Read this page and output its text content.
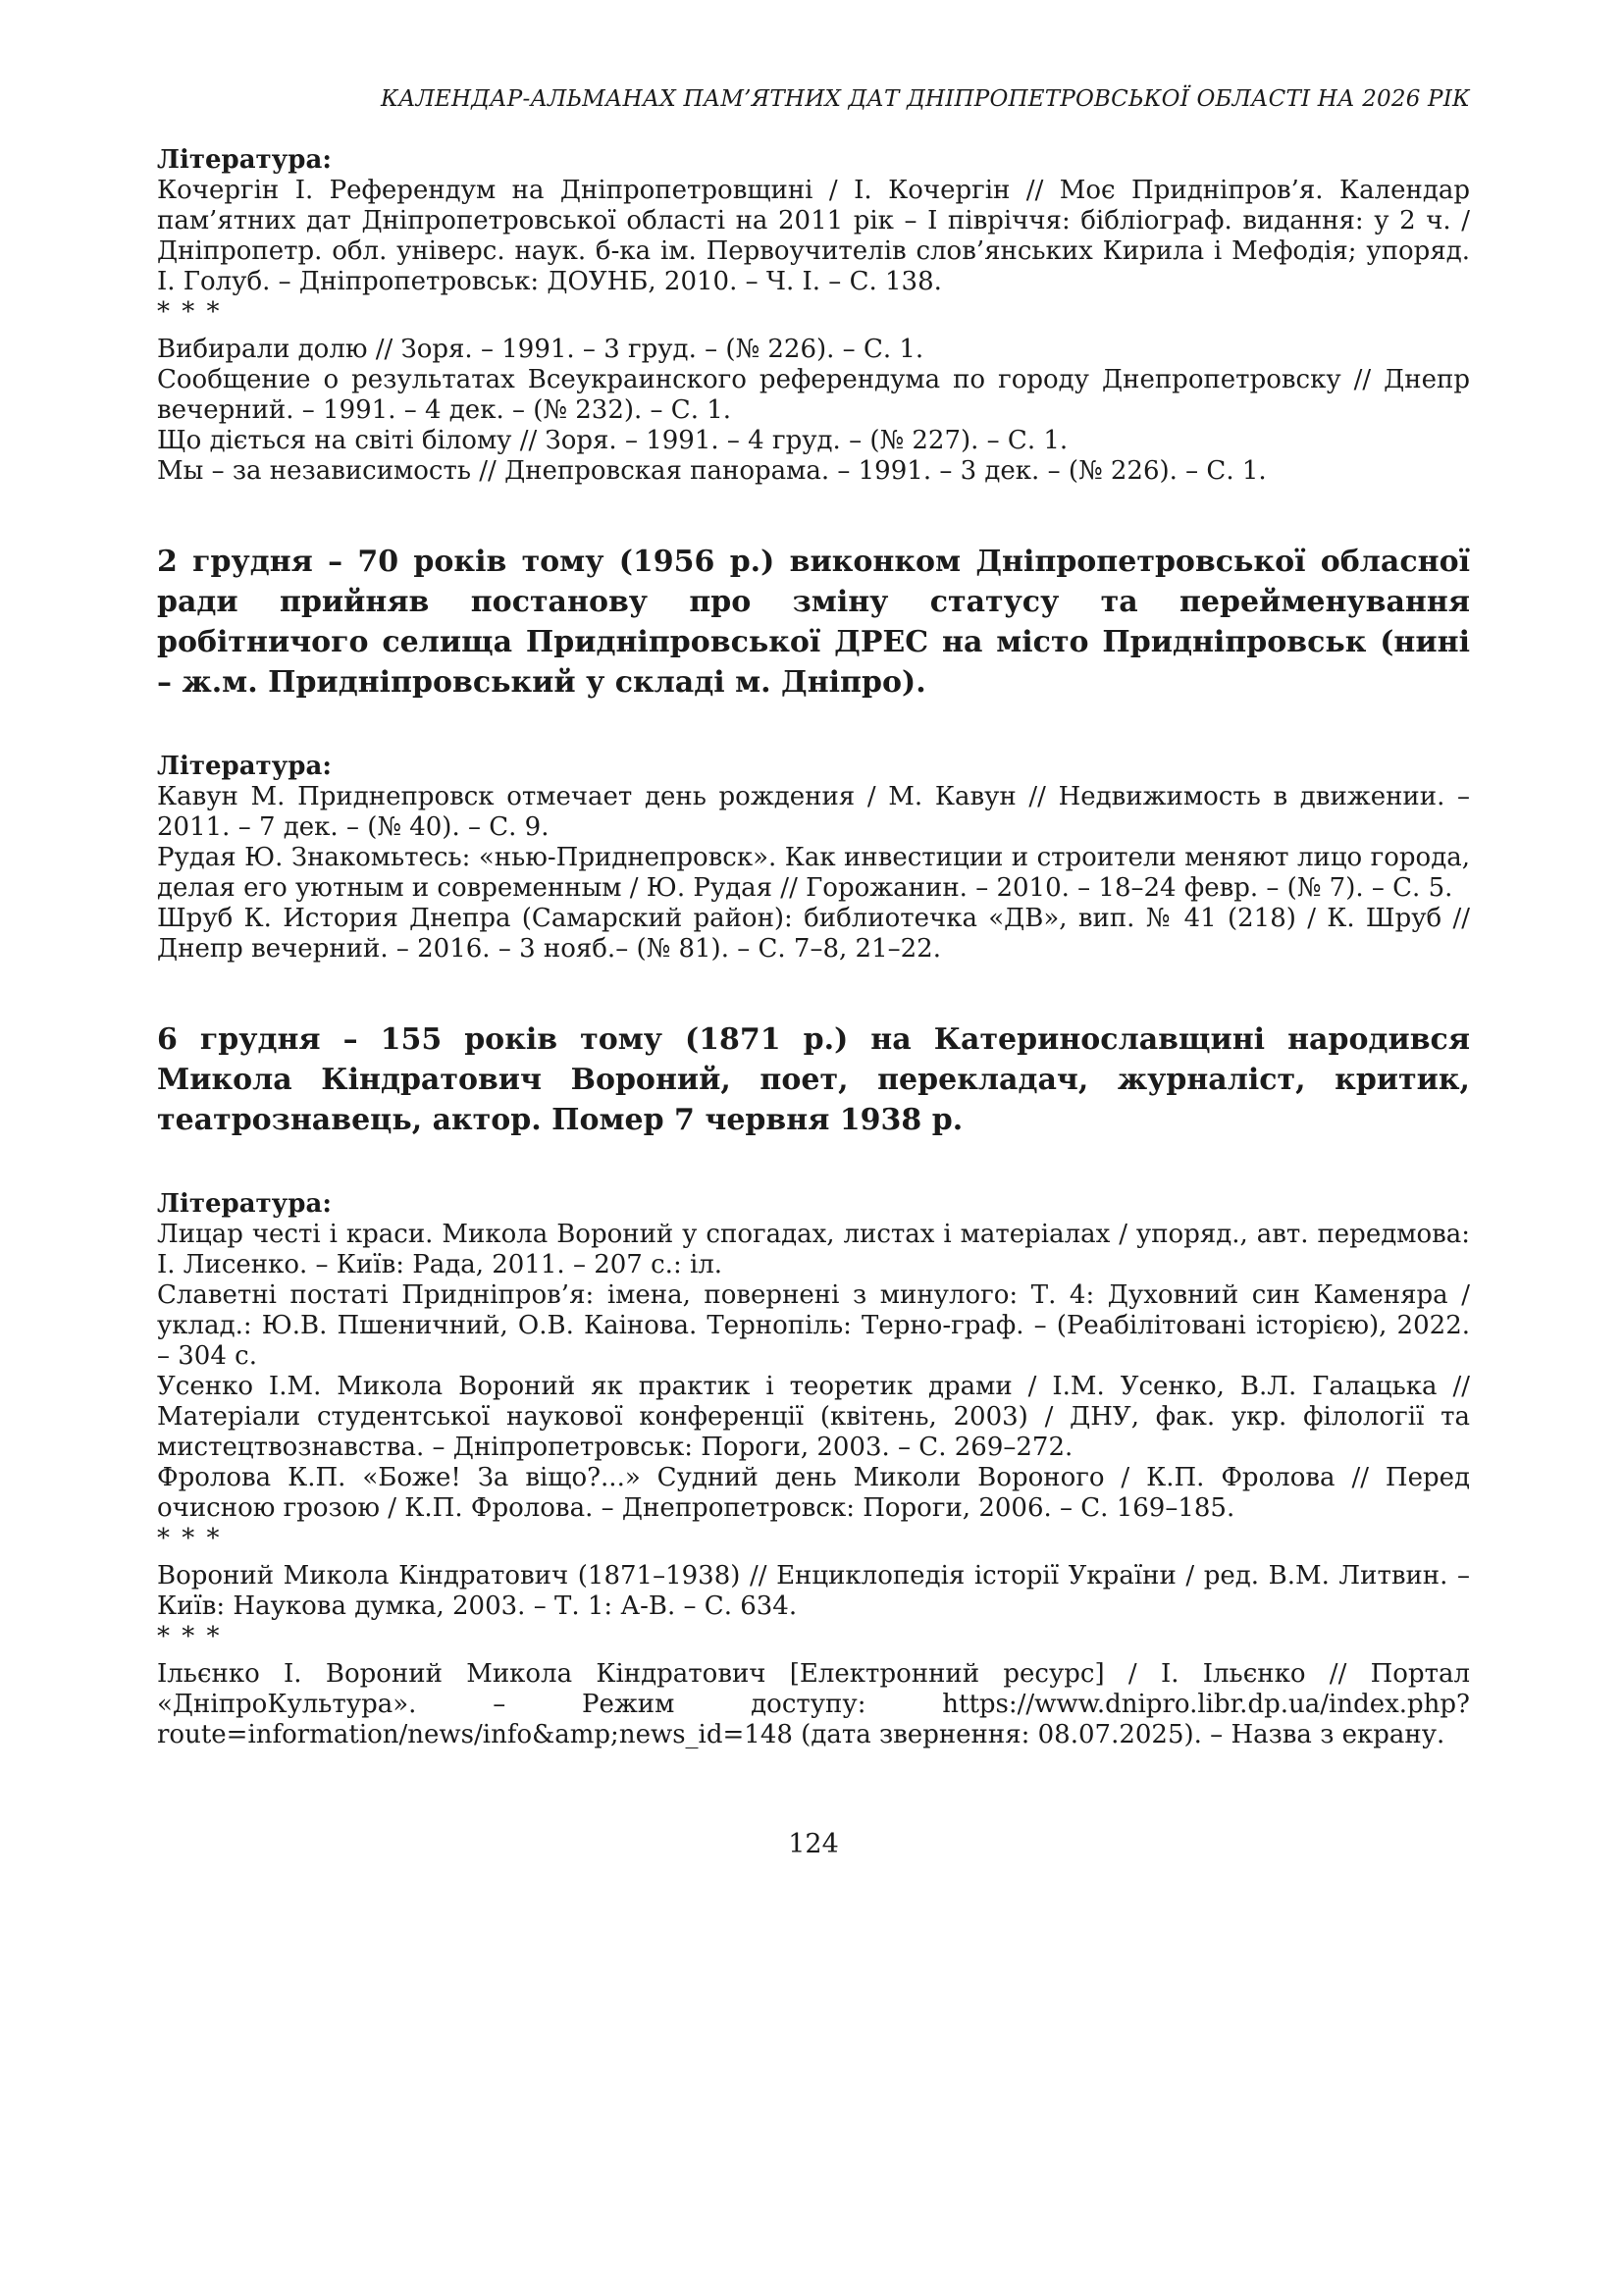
КАЛЕНДАР-АЛЬМАНАХ ПАМ’ЯТНИХ ДАТ ДНІПРОПЕТРОВСЬКОЇ ОБЛАСТІ НА 2026 РІК

Література:

Кочергін І. Референдум на Дніпропетровщині / І. Кочергін // Моє Придніпров’я. Календар пам’ятних дат Дніпропетровської області на 2011 рік – І півріччя: бібліограф. видання: у 2 ч. / Дніпропетр. обл. універс. наук. б-ка ім. Первоучителів слов’янських Кирила і Мефодія; упоряд. І. Голуб. – Дніпропетровськ: ДОУНБ, 2010. – Ч. І. – С. 138.

* * *

Вибирали долю // Зоря. – 1991. – 3 груд. – (№ 226). – С. 1.

Сообщение о результатах Всеукраинского референдума по городу Днепропетровску // Днепр вечерний. – 1991. – 4 дек. – (№ 232). – С. 1.

Що діється на світі білому // Зоря. – 1991. – 4 груд. – (№ 227). – С. 1.

Мы – за независимость // Днепровская панорама. – 1991. – 3 дек. – (№ 226). – С. 1.

2 грудня – 70 років тому (1956 р.) виконком Дніпропетровської обласної ради прийняв постанову про зміну статусу та перейменування робітничого селища Придніпровської ДРЕС на місто Придніпровськ (нині – ж.м. Придніпровський у складі м. Дніпро).

Література:

Кавун М. Приднепровск отмечает день рождения / М. Кавун // Недвижимость в движении. – 2011. – 7 дек. – (№ 40). – С. 9.

Рудая Ю. Знакомьтесь: «нью-Приднепровск». Как инвестиции и строители меняют лицо города, делая его уютным и современным / Ю. Рудая // Горожанин. – 2010. – 18–24 февр. – (№ 7). – С. 5.

Шруб К. История Днепра (Самарский район): библиотечка «ДВ», вип. № 41 (218) / К. Шруб // Днепр вечерний. – 2016. – 3 нояб.– (№ 81). – С. 7–8, 21–22.

6 грудня – 155 років тому (1871 р.) на Катеринославщині народився Микола Кіндратович Вороний, поет, перекладач, журналіст, критик, театрознавець, актор. Помер 7 червня 1938 р.

Література:

Лицар честі і краси. Микола Вороний у спогадах, листах і матеріалах / упоряд., авт. передмова: І. Лисенко. – Київ: Рада, 2011. – 207 с.: іл.

Славетні постаті Придніпров’я: імена, повернені з минулого: Т. 4: Духовний син Каменяра / уклад.: Ю.В. Пшеничний, О.В. Каінова. Тернопіль: Терно-граф. – (Реабілітовані історією), 2022. – 304 с.

Усенко І.М. Микола Вороний як практик і теоретик драми / І.М. Усенко, В.Л. Галацька // Матеріали студентської наукової конференції (квітень, 2003) / ДНУ, фак. укр. філології та мистецтвознавства. – Дніпропетровськ: Пороги, 2003. – С. 269–272.

Фролова К.П. «Боже! За віщо?...» Судний день Миколи Вороного / К.П. Фролова // Перед очисною грозою / К.П. Фролова. – Днепропетровск: Пороги, 2006. – С. 169–185.

* * *

Вороний Микола Кіндратович (1871–1938) // Енциклопедія історії України / ред. В.М. Литвин. – Київ: Наукова думка, 2003. – Т. 1: А-В. – С. 634.

* * *

Ільєнко І. Вороний Микола Кіндратович [Електронний ресурс] / І. Ільєнко // Портал «ДніпроКультура». – Режим доступу: https://www.dnipro.libr.dp.ua/index.php?route=information/news/info&amp;news_id=148 (дата звернення: 08.07.2025). – Назва з екрану.

124
